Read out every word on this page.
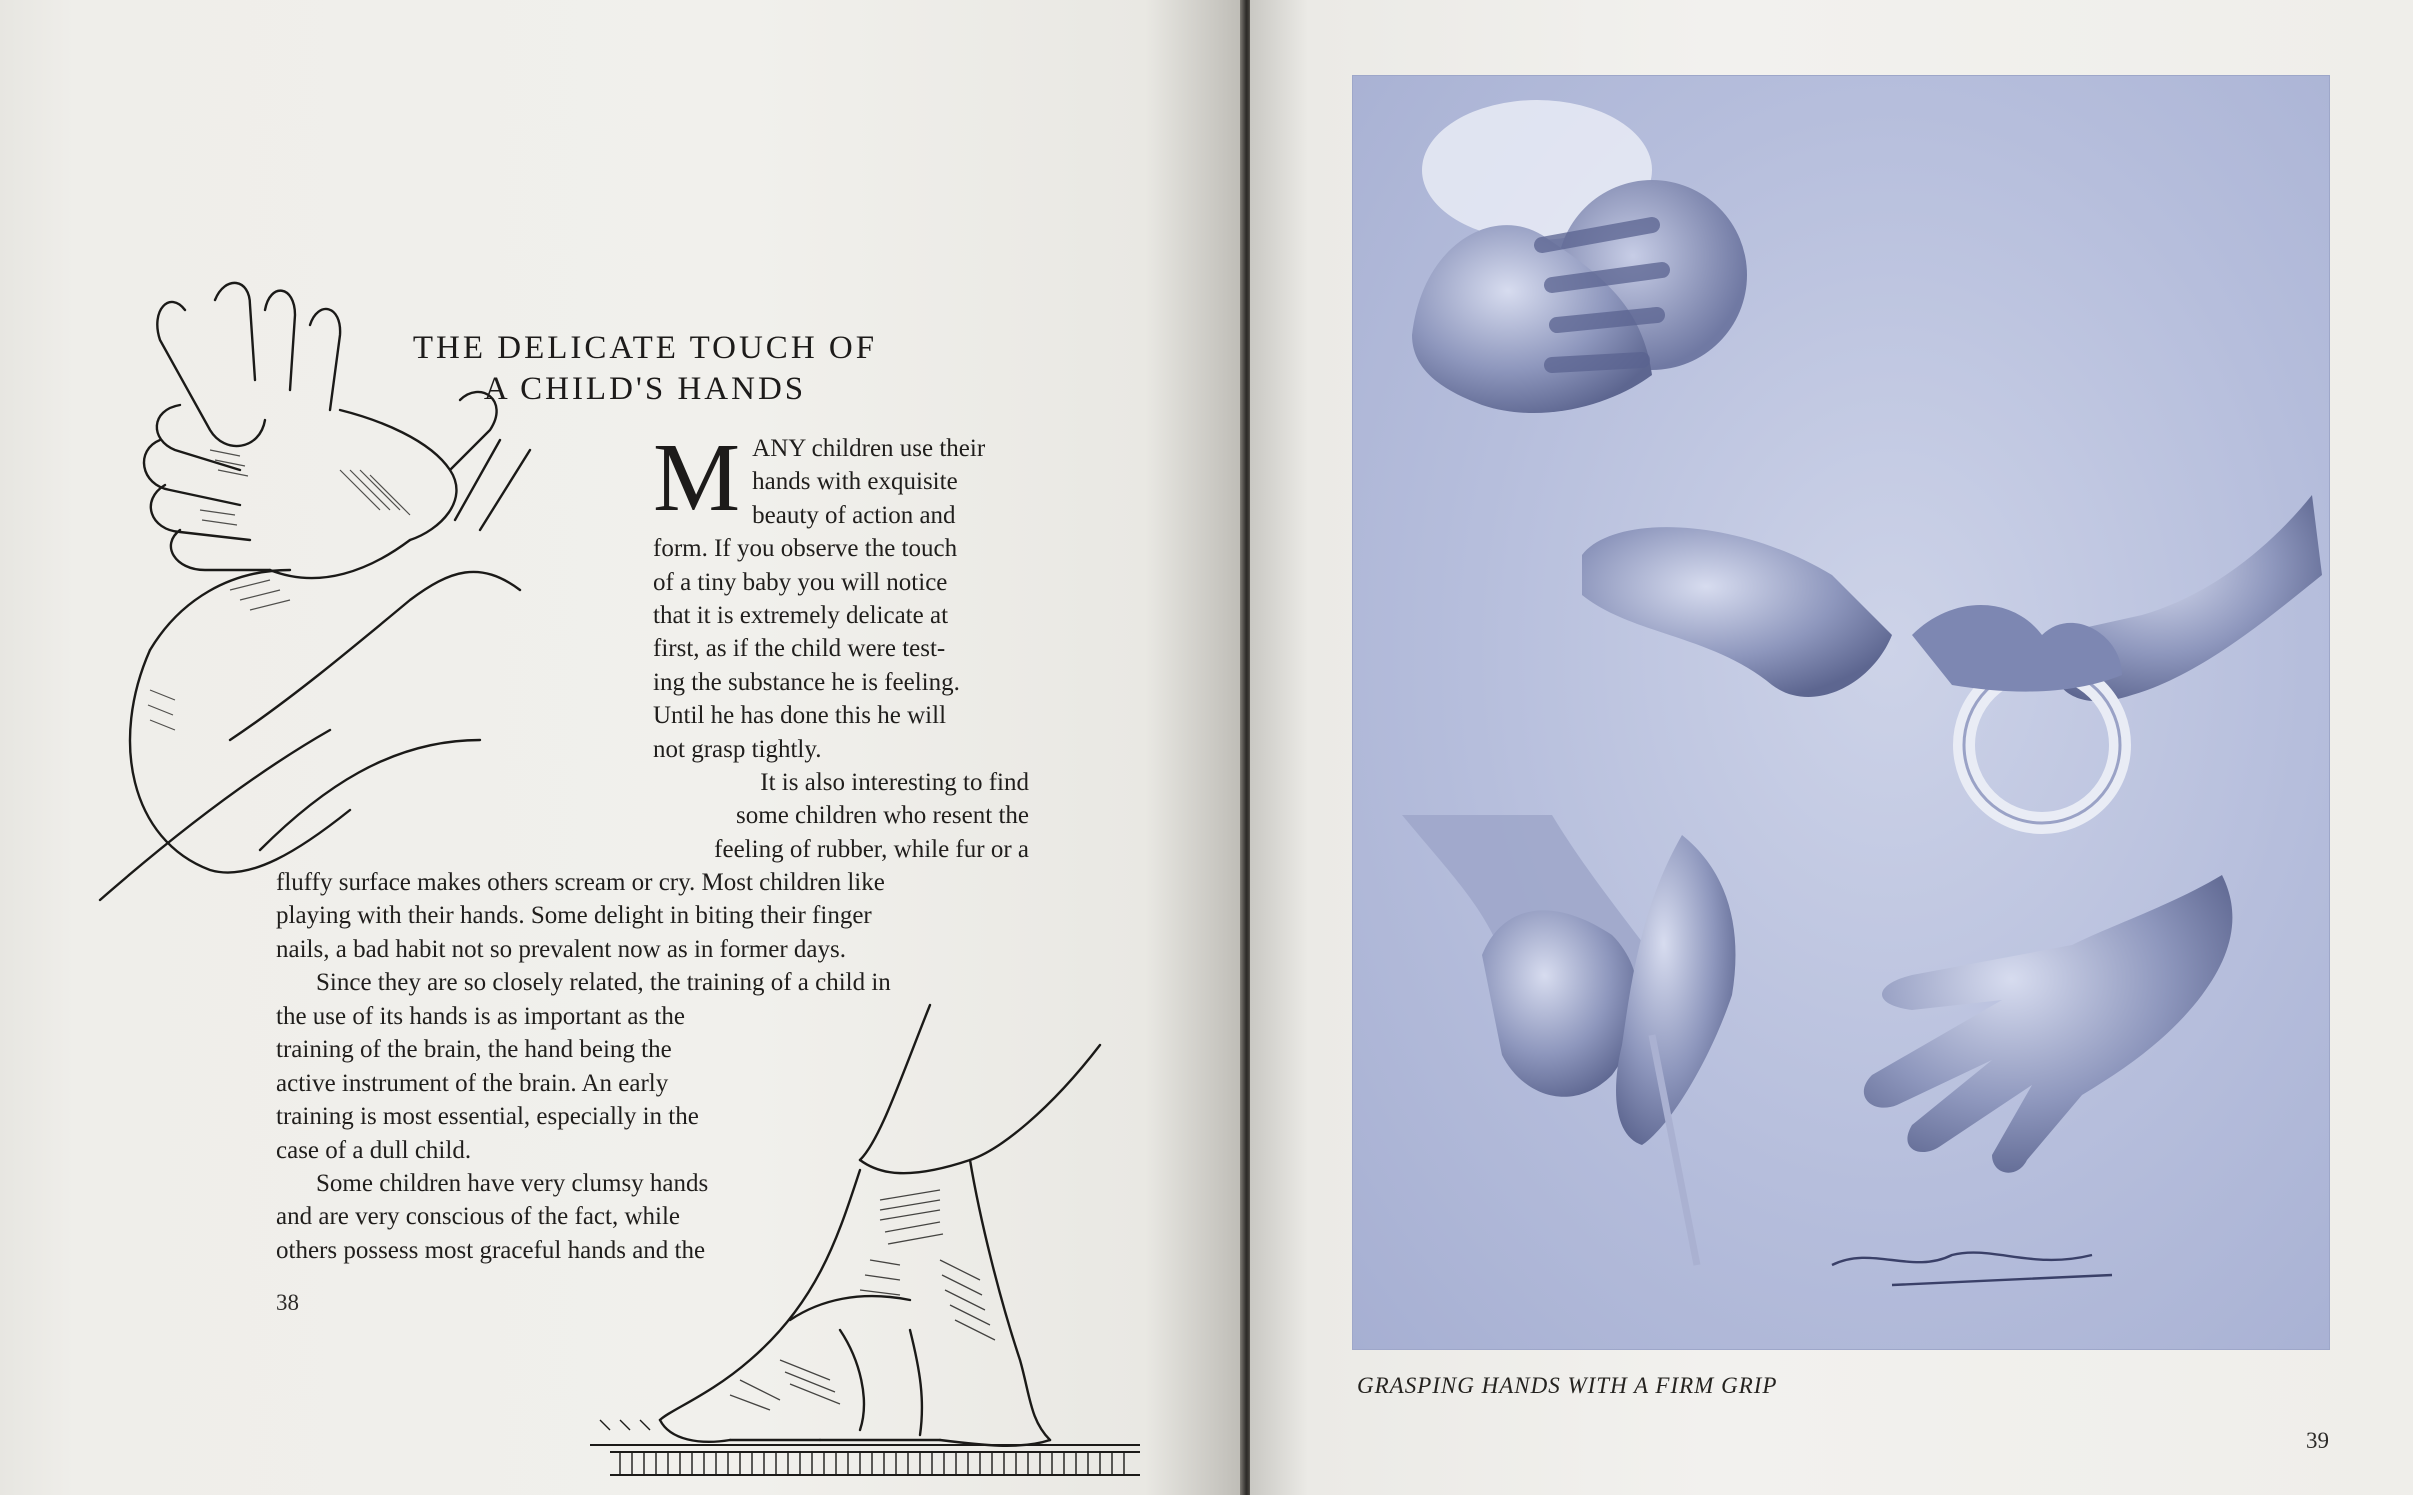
THE DELICATE TOUCH OF
A CHILD'S HANDS
M ANY children use their

hands with exquisite

beauty of action and

form. If you observe the touch

of a tiny baby you will notice

that it is extremely delicate at

first, as if the child were test-

ing the substance he is feeling.

Until he has done this he will

not grasp tightly.

It is also interesting to find

some children who resent the

feeling of rubber, while fur or a

fluffy surface makes others scream or cry. Most children like

playing with their hands. Some delight in biting their finger

nails, a bad habit not so prevalent now as in former days.

Since they are so closely related, the training of a child in

the use of its hands is as important as the

training of the brain, the hand being the

active instrument of the brain. An early

training is most essential, especially in the

case of a dull child.

Some children have very clumsy hands

and are very conscious of the fact, while

others possess most graceful hands and the

38
GRASPING HANDS WITH A FIRM GRIP
39
